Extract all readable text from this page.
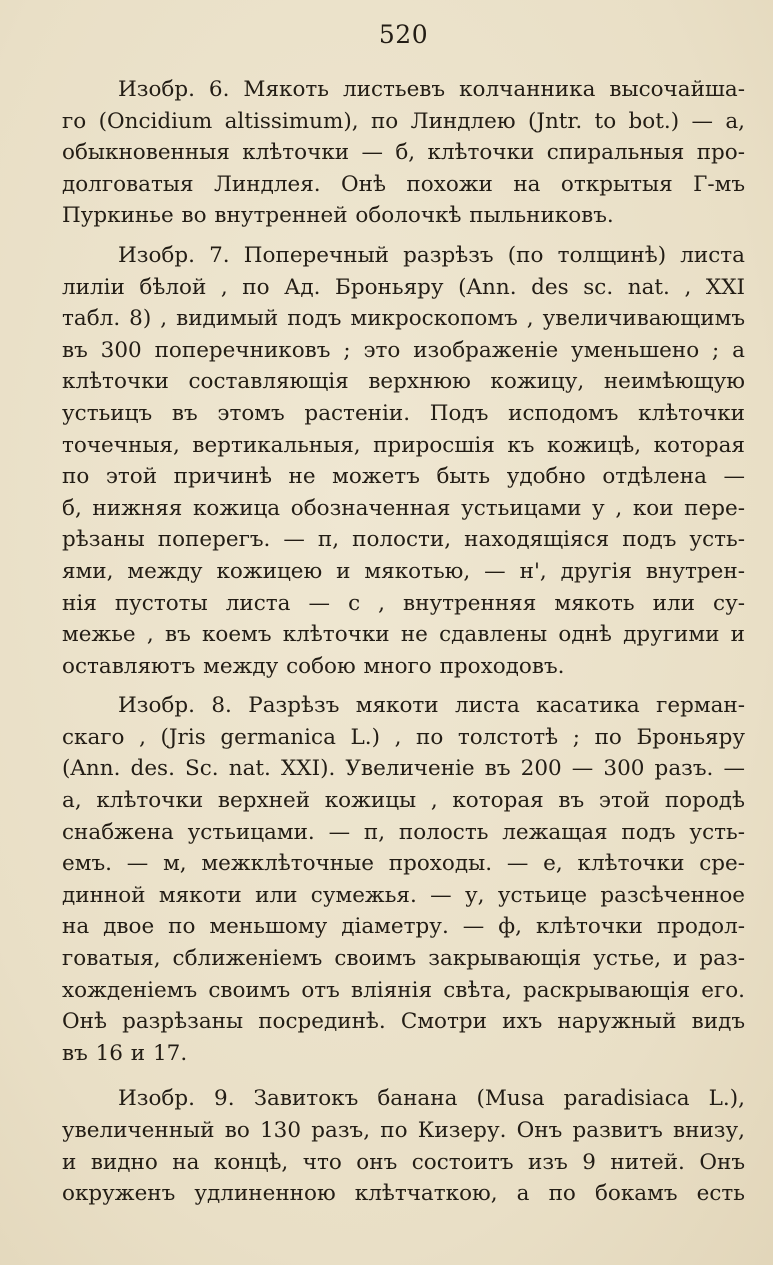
520
Изобр. 6. Мякоть листьевъ колчанника высочайша-
го (Oncidium altissimum), по Линдлею (Jntr. to bot.) — а,
обыкновенныя клѣточки — б, клѣточки спиральныя про-
долговатыя Линдлея. Онѣ похожи на открытыя Г-мъ
Пуркинье во внутренней оболочкѣ пыльниковъ.
Изобр. 7. Поперечный разрѣзъ (по толщинѣ) листа
лиліи бѣлой , по Ад. Броньяру (Ann. des sc. nat. , XXI
табл. 8) , видимый подъ микроскопомъ , увеличивающимъ
въ 300 поперечниковъ ; это изображеніе уменьшено ; а
клѣточки составляющія верхнюю кожицу, неимѣющую
устьицъ въ этомъ растеніи. Подъ исподомъ клѣточки
точечныя, вертикальныя, приросшія къ кожицѣ, которая
по этой причинѣ не можетъ быть удобно отдѣлена —
б, нижняя кожица обозначенная устьицами у , кои пере-
рѣзаны поперегъ. — п, полости, находящіяся подъ усть-
ями, между кожицею и мякотью, — н', другія внутрен-
нія пустоты листа — с , внутренняя мякоть или су-
межье , въ коемъ клѣточки не сдавлены однѣ другими и
оставляютъ между собою много проходовъ.
Изобр. 8. Разрѣзъ мякоти листа касатика герман-
скаго , (Jris germanica L.) , по толстотѣ ; по Броньяру
(Ann. des. Sc. nat. XXI). Увеличеніе въ 200 — 300 разъ. —
а, клѣточки верхней кожицы , которая въ этой породѣ
снабжена устьицами. — п, полость лежащая подъ усть-
емъ. — м, межклѣточные проходы. — е, клѣточки сре-
динной мякоти или сумежья. — у, устьице разсѣченное
на двое по меньшому діаметру. — ф, клѣточки продол-
говатыя, сближеніемъ своимъ закрывающія устье, и раз-
хожденіемъ своимъ отъ вліянія свѣта, раскрывающія его.
Онѣ разрѣзаны посрединѣ. Смотри ихъ наружный видъ
въ 16 и 17.
Изобр. 9. Завитокъ банана (Musa paradisiaca L.),
увеличенный во 130 разъ, по Кизеру. Онъ развитъ внизу,
и видно на концѣ, что онъ состоитъ изъ 9 нитей. Онъ
окруженъ удлиненною клѣтчаткою, а по бокамъ есть
